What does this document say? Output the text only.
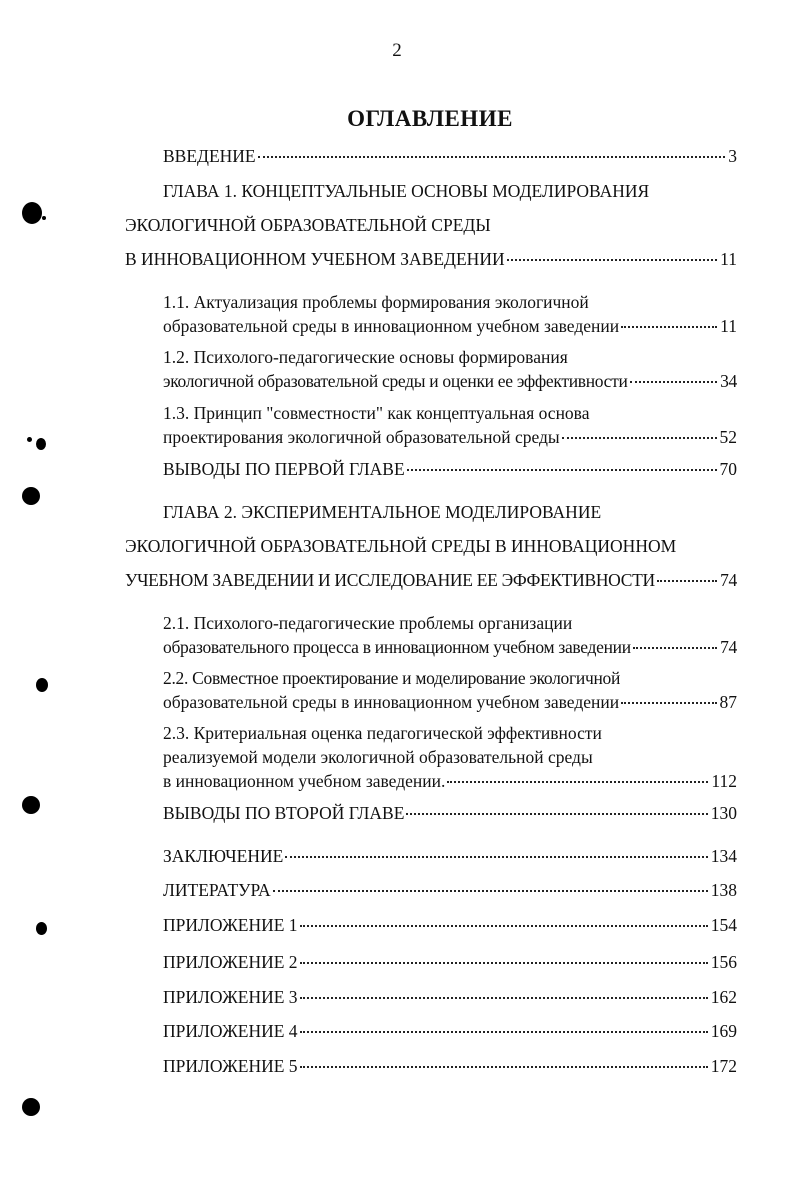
2
ОГЛАВЛЕНИЕ
ВВЕДЕНИЕ	3
ГЛАВА 1. КОНЦЕПТУАЛЬНЫЕ ОСНОВЫ МОДЕЛИРОВАНИЯ
ЭКОЛОГИЧНОЙ ОБРАЗОВАТЕЛЬНОЙ СРЕДЫ
В ИННОВАЦИОННОМ УЧЕБНОМ ЗАВЕДЕНИИ	11
1.1. Актуализация проблемы формирования экологичной
образовательной среды в инновационном учебном заведении	11
1.2. Психолого-педагогические основы формирования
экологичной образовательной среды и оценки ее эффективности	34
1.3. Принцип "совместности" как концептуальная основа
проектирования экологичной образовательной среды	52
ВЫВОДЫ ПО ПЕРВОЙ ГЛАВЕ	70
ГЛАВА 2. ЭКСПЕРИМЕНТАЛЬНОЕ МОДЕЛИРОВАНИЕ
ЭКОЛОГИЧНОЙ ОБРАЗОВАТЕЛЬНОЙ СРЕДЫ В ИННОВАЦИОННОМ
УЧЕБНОМ ЗАВЕДЕНИИ И ИССЛЕДОВАНИЕ ЕЕ ЭФФЕКТИВНОСТИ	74
2.1. Психолого-педагогические проблемы организации
образовательного процесса в инновационном учебном заведении	74
2.2. Совместное проектирование и моделирование экологичной
образовательной среды в инновационном учебном заведении	87
2.3. Критериальная оценка педагогической эффективности
реализуемой модели экологичной образовательной среды
в инновационном учебном заведении.	112
ВЫВОДЫ ПО ВТОРОЙ ГЛАВЕ	130
ЗАКЛЮЧЕНИЕ	134
ЛИТЕРАТУРА	138
ПРИЛОЖЕНИЕ 1	154
ПРИЛОЖЕНИЕ 2	156
ПРИЛОЖЕНИЕ 3	162
ПРИЛОЖЕНИЕ 4	169
ПРИЛОЖЕНИЕ 5	172
